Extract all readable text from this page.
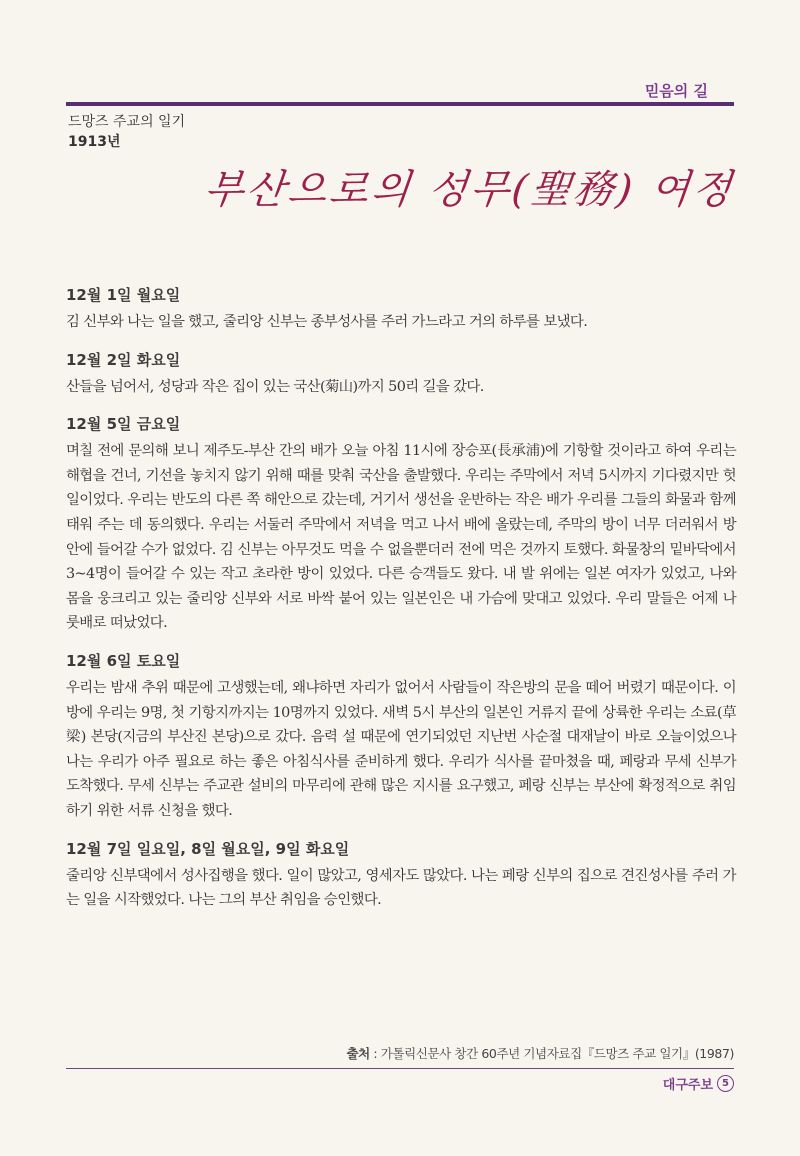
믿음의 길
드망즈 주교의 일기
1913년
부산으로의 성무(聖務) 여정
12월 1일 월요일
김 신부와 나는 일을 했고, 줄리앙 신부는 종부성사를 주러 가느라고 거의 하루를 보냈다.
12월 2일 화요일
산들을 넘어서, 성당과 작은 집이 있는 국산(菊山)까지 50리 길을 갔다.
12월 5일 금요일
며칠 전에 문의해 보니 제주도-부산 간의 배가 오늘 아침 11시에 장승포(長承浦)에 기항할 것이라고 하여 우리는 해협을 건너, 기선을 놓치지 않기 위해 때를 맞춰 국산을 출발했다. 우리는 주막에서 저녁 5시까지 기다렸지만 헛일이었다. 우리는 반도의 다른 쪽 해안으로 갔는데, 거기서 생선을 운반하는 작은 배가 우리를 그들의 화물과 함께 태워 주는 데 동의했다. 우리는 서둘러 주막에서 저녁을 먹고 나서 배에 올랐는데, 주막의 방이 너무 더러워서 방안에 들어갈 수가 없었다. 김 신부는 아무것도 먹을 수 없을뿐더러 전에 먹은 것까지 토했다. 화물창의 밑바닥에서 3~4명이 들어갈 수 있는 작고 초라한 방이 있었다. 다른 승객들도 왔다. 내 발 위에는 일본 여자가 있었고, 나와 몸을 웅크리고 있는 줄리앙 신부와 서로 바싹 붙어 있는 일본인은 내 가슴에 맞대고 있었다. 우리 말들은 어제 나룻배로 떠났었다.
12월 6일 토요일
우리는 밤새 추위 때문에 고생했는데, 왜냐하면 자리가 없어서 사람들이 작은방의 문을 떼어 버렸기 때문이다. 이 방에 우리는 9명, 첫 기항지까지는 10명까지 있었다. 새벽 5시 부산의 일본인 거류지 끝에 상륙한 우리는 소료(草梁) 본당(지금의 부산진 본당)으로 갔다. 음력 설 때문에 연기되었던 지난번 사순절 대재날이 바로 오늘이었으나 나는 우리가 아주 필요로 하는 좋은 아침식사를 준비하게 했다. 우리가 식사를 끝마쳤을 때, 페랑과 무세 신부가 도착했다. 무세 신부는 주교관 설비의 마무리에 관해 많은 지시를 요구했고, 페랑 신부는 부산에 확정적으로 취임하기 위한 서류 신청을 했다.
12월 7일 일요일, 8일 월요일, 9일 화요일
줄리앙 신부댁에서 성사집행을 했다. 일이 많았고, 영세자도 많았다. 나는 페랑 신부의 집으로 견진성사를 주러 가는 일을 시작했었다. 나는 그의 부산 취임을 승인했다.
출처 : 가톨릭신문사 창간 60주년 기념자료집『드망즈 주교 일기』(1987)
대구주보 5
